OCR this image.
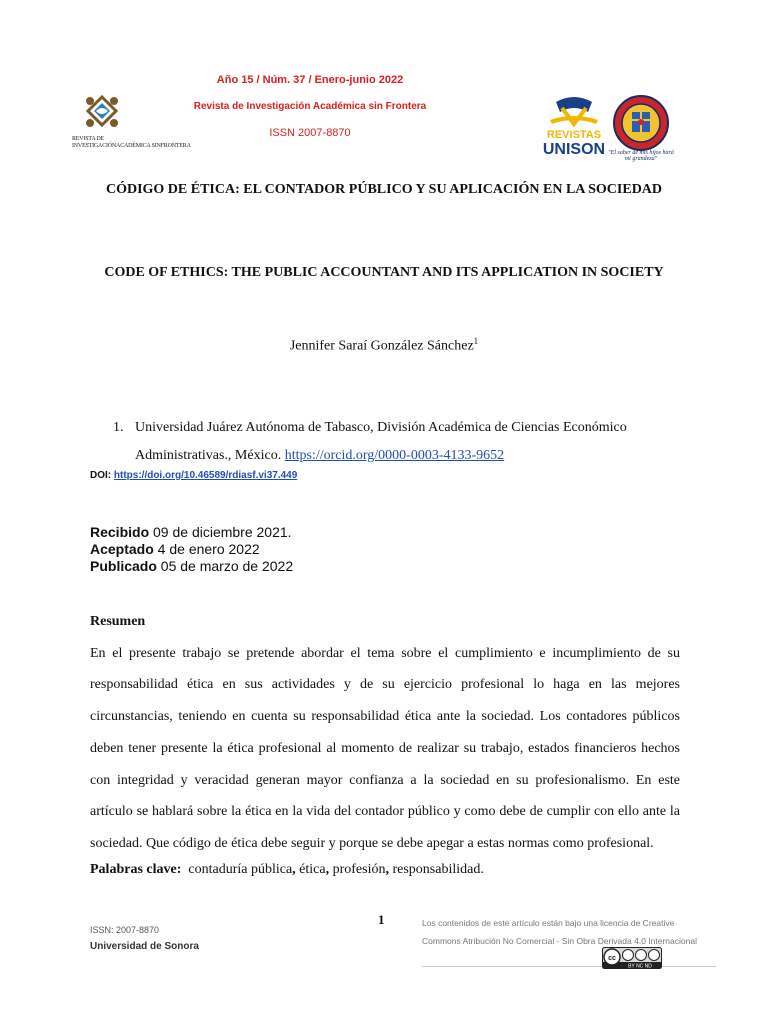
Año 15 / Núm. 37 / Enero-junio 2022
Revista de Investigación Académica sin Frontera
ISSN 2007-8870
REVISTA DE
INVESTIGACIÓNACADÉMICA SINFRONTERA
REVISTAS
UNISON "El saber de mis hijos hará mi grandeza"
CÓDIGO DE ÉTICA: EL CONTADOR PÚBLICO Y SU APLICACIÓN EN LA SOCIEDAD
CODE OF ETHICS: THE PUBLIC ACCOUNTANT AND ITS APPLICATION IN SOCIETY
Jennifer Saraí González Sánchez$^1$
1. Universidad Juárez Autónoma de Tabasco, División Académica de Ciencias Económico Administrativas., México. https://orcid.org/0000-0003-4133-9652
DOI: https://doi.org/10.46589/rdiasf.vi37.449
Recibido 09 de diciembre 2021.
Aceptado 4 de enero 2022
Publicado 05 de marzo de 2022

Resumen

En el presente trabajo se pretende abordar el tema sobre el cumplimiento e incumplimiento de su responsabilidad ética en sus actividades y de su ejercicio profesional lo haga en las mejores circunstancias, teniendo en cuenta su responsabilidad ética ante la sociedad. Los contadores públicos deben tener presente la ética profesional al momento de realizar su trabajo, estados financieros hechos con integridad y veracidad generan mayor confianza a la sociedad en su profesionalismo. En este artículo se hablará sobre la ética en la vida del contador público y como debe de cumplir con ello ante la sociedad. Que código de ética debe seguir y porque se debe apegar a estas normas como profesional.

Palabras clave: contaduría pública, ética, profesión, responsabilidad.
1
ISSN: 2007-8870
Universidad de Sonora
Los contenidos de este artículo están bajo una licencia de Creative
Commons Atribución No Comercial - Sin Obra Derivada 4.0 Internacional
cc
BY NC ND
